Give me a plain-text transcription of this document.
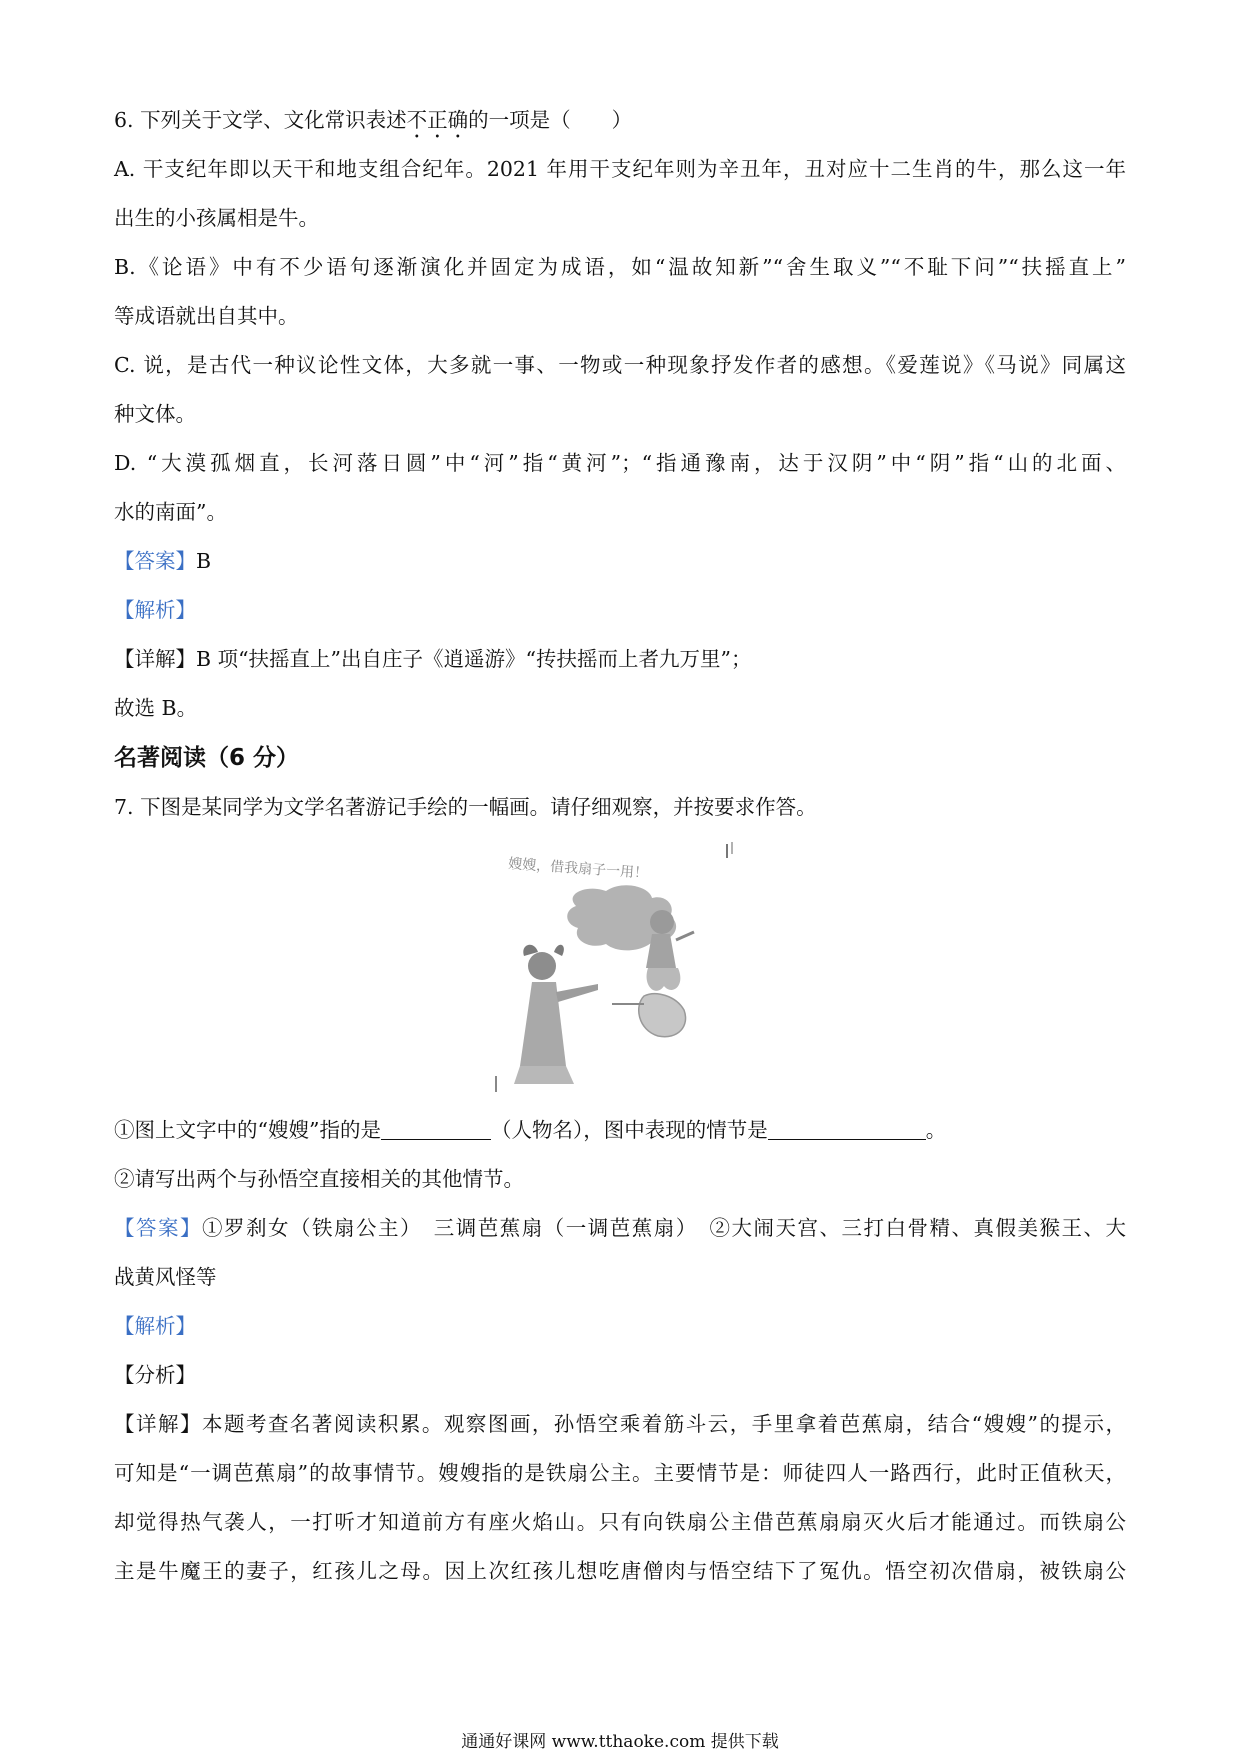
6. 下列关于文学、文化常识表述不正确的一项是（　　）
A. 干支纪年即以天干和地支组合纪年。2021 年用干支纪年则为辛丑年，丑对应十二生肖的牛，那么这一年
出生的小孩属相是牛。
B.《论语》中有不少语句逐渐演化并固定为成语，如“温故知新”“舍生取义”“不耻下问”“扶摇直上”
等成语就出自其中。
C. 说，是古代一种议论性文体，大多就一事、一物或一种现象抒发作者的感想。《爱莲说》《马说》同属这
种文体。
D. “大漠孤烟直，长河落日圆”中“河”指“黄河”；“指通豫南，达于汉阴”中“阴”指“山的北面、
水的南面”。
【答案】B
【解析】
【详解】B 项“扶摇直上”出自庄子《逍遥游》“抟扶摇而上者九万里”；
故选 B。
名著阅读（6 分）
7. 下图是某同学为文学名著游记手绘的一幅画。请仔细观察，并按要求作答。
嫂嫂，借我扇子一用！
①图上文字中的“嫂嫂”指的是	（人物名），图中表现的情节是	。
②请写出两个与孙悟空直接相关的其他情节。
【答案】①罗刹女（铁扇公主）　 三调芭蕉扇（一调芭蕉扇）　 ②大闹天宫、三打白骨精、真假美猴王、大
战黄风怪等
【解析】
【分析】
【详解】本题考查名著阅读积累。观察图画，孙悟空乘着筋斗云，手里拿着芭蕉扇，结合“嫂嫂”的提示，
可知是“一调芭蕉扇”的故事情节。嫂嫂指的是铁扇公主。主要情节是：师徒四人一路西行，此时正值秋天，
却觉得热气袭人，一打听才知道前方有座火焰山。只有向铁扇公主借芭蕉扇扇灭火后才能通过。而铁扇公
主是牛魔王的妻子，红孩儿之母。因上次红孩儿想吃唐僧肉与悟空结下了冤仇。悟空初次借扇，被铁扇公
通通好课网 www.tthaoke.com 提供下载
